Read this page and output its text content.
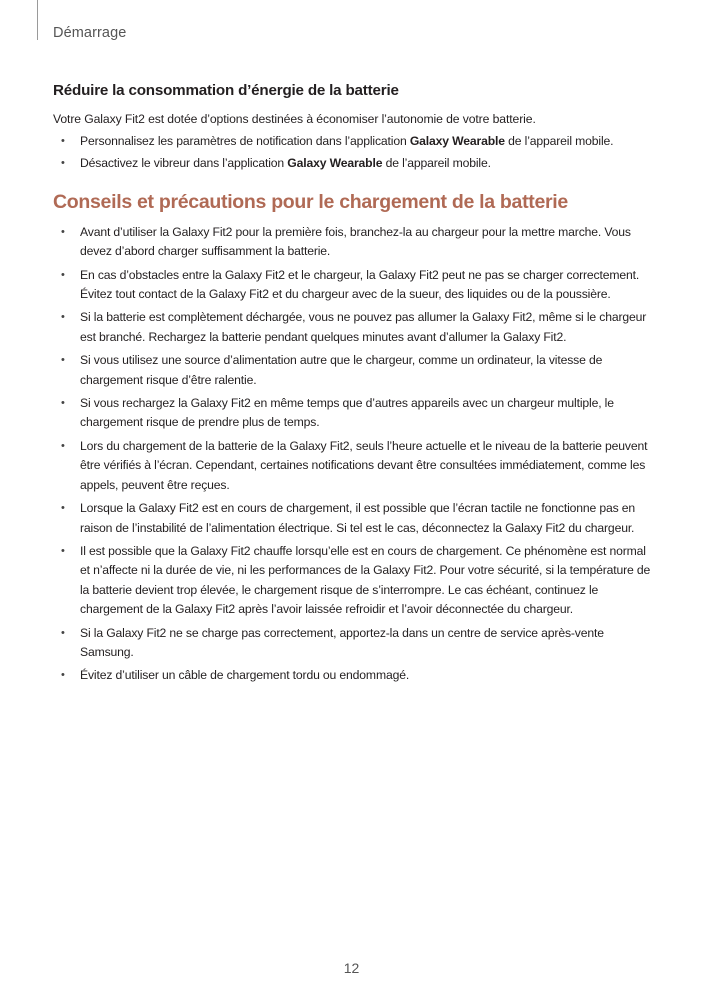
Démarrage
Réduire la consommation d’énergie de la batterie

Votre Galaxy Fit2 est dotée d’options destinées à économiser l’autonomie de votre batterie.

• Personnalisez les paramètres de notification dans l’application Galaxy Wearable de l’appareil mobile.
• Désactivez le vibreur dans l’application Galaxy Wearable de l’appareil mobile.
Conseils et précautions pour le chargement de la batterie
• Avant d’utiliser la Galaxy Fit2 pour la première fois, branchez-la au chargeur pour la mettre marche. Vous devez d’abord charger suffisamment la batterie.
• En cas d’obstacles entre la Galaxy Fit2 et le chargeur, la Galaxy Fit2 peut ne pas se charger correctement. Évitez tout contact de la Galaxy Fit2 et du chargeur avec de la sueur, des liquides ou de la poussière.
• Si la batterie est complètement déchargée, vous ne pouvez pas allumer la Galaxy Fit2, même si le chargeur est branché. Rechargez la batterie pendant quelques minutes avant d’allumer la Galaxy Fit2.
• Si vous utilisez une source d’alimentation autre que le chargeur, comme un ordinateur, la vitesse de chargement risque d’être ralentie.
• Si vous rechargez la Galaxy Fit2 en même temps que d’autres appareils avec un chargeur multiple, le chargement risque de prendre plus de temps.
• Lors du chargement de la batterie de la Galaxy Fit2, seuls l’heure actuelle et le niveau de la batterie peuvent être vérifiés à l’écran. Cependant, certaines notifications devant être consultées immédiatement, comme les appels, peuvent être reçues.
• Lorsque la Galaxy Fit2 est en cours de chargement, il est possible que l’écran tactile ne fonctionne pas en raison de l’instabilité de l’alimentation électrique. Si tel est le cas, déconnectez la Galaxy Fit2 du chargeur.
• Il est possible que la Galaxy Fit2 chauffe lorsqu’elle est en cours de chargement. Ce phénomène est normal et n’affecte ni la durée de vie, ni les performances de la Galaxy Fit2. Pour votre sécurité, si la température de la batterie devient trop élevée, le chargement risque de s’interrompre. Le cas échéant, continuez le chargement de la Galaxy Fit2 après l’avoir laissée refroidir et l’avoir déconnectée du chargeur.
• Si la Galaxy Fit2 ne se charge pas correctement, apportez-la dans un centre de service après-vente Samsung.
• Évitez d’utiliser un câble de chargement tordu ou endommagé.
12
